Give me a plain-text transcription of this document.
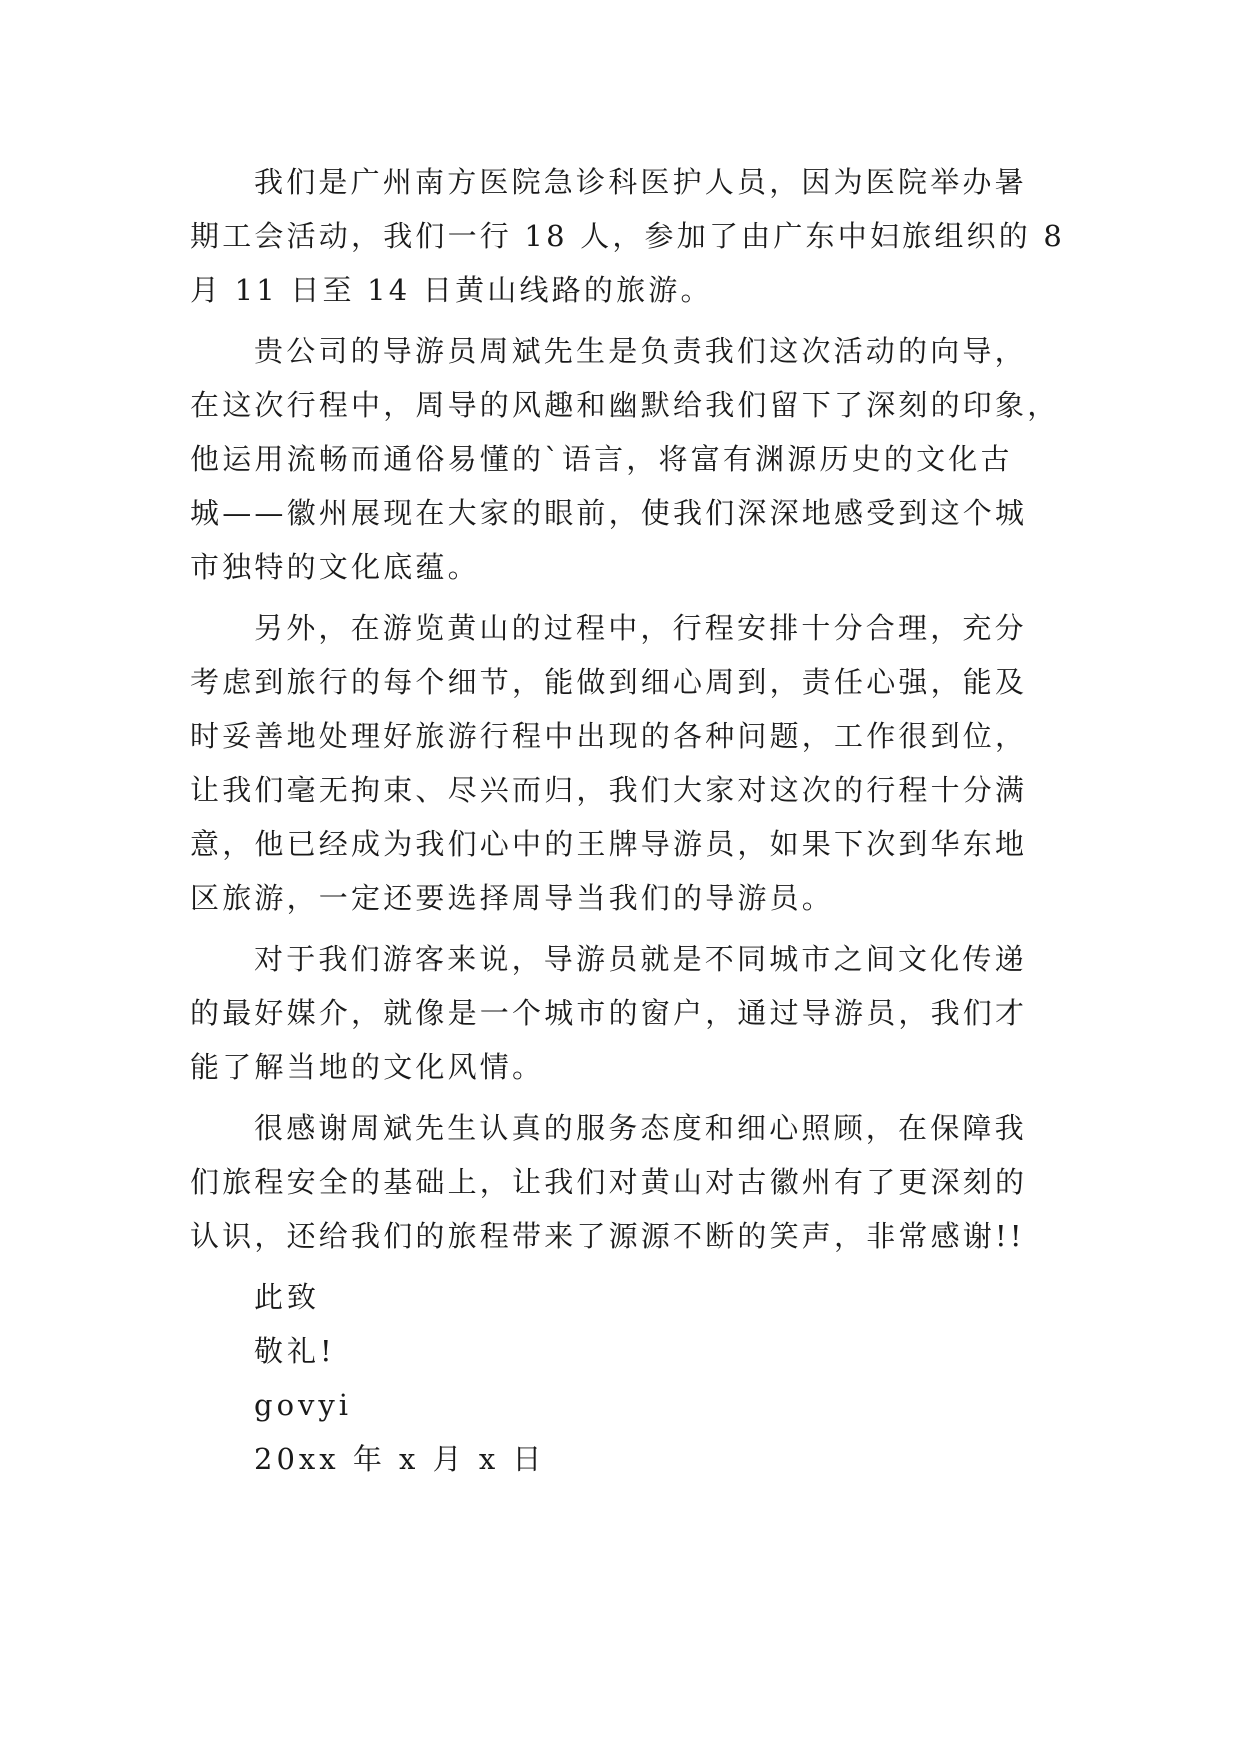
我们是广州南方医院急诊科医护人员，因为医院举办暑
期工会活动，我们一行 18 人，参加了由广东中妇旅组织的 8
月 11 日至 14 日黄山线路的旅游。
贵公司的导游员周斌先生是负责我们这次活动的向导，
在这次行程中，周导的风趣和幽默给我们留下了深刻的印象，
他运用流畅而通俗易懂的`语言，将富有渊源历史的文化古
城——徽州展现在大家的眼前，使我们深深地感受到这个城
市独特的文化底蕴。
另外，在游览黄山的过程中，行程安排十分合理，充分
考虑到旅行的每个细节，能做到细心周到，责任心强，能及
时妥善地处理好旅游行程中出现的各种问题，工作很到位，
让我们毫无拘束、尽兴而归，我们大家对这次的行程十分满
意，他已经成为我们心中的王牌导游员，如果下次到华东地
区旅游，一定还要选择周导当我们的导游员。
对于我们游客来说，导游员就是不同城市之间文化传递
的最好媒介，就像是一个城市的窗户，通过导游员，我们才
能了解当地的文化风情。
很感谢周斌先生认真的服务态度和细心照顾，在保障我
们旅程安全的基础上，让我们对黄山对古徽州有了更深刻的
认识，还给我们的旅程带来了源源不断的笑声，非常感谢!!
此致
敬礼!
govyi
20xx 年 x 月 x 日
